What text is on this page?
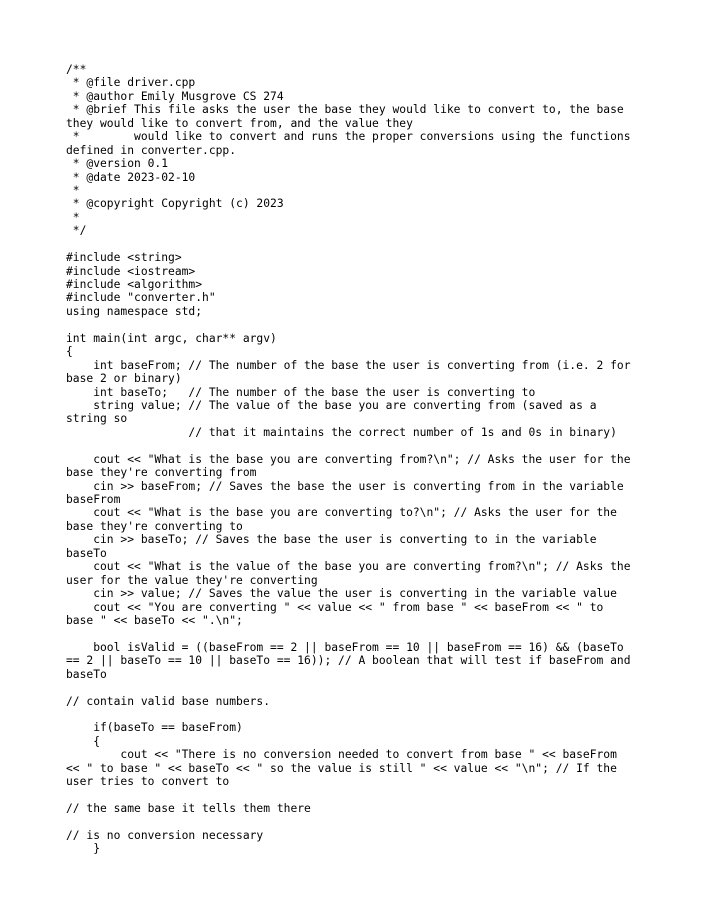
/**
* @file driver.cpp
* @author Emily Musgrove CS 274
* @brief This file asks the user the base they would like to convert to, the base
they would like to convert from, and the value they
*        would like to convert and runs the proper conversions using the functions
defined in converter.cpp.
* @version 0.1
* @date 2023-02-10
*
* @copyright Copyright (c) 2023
*
*/
#include <string>
#include <iostream>
#include <algorithm>
#include "converter.h"
using namespace std;
int main(int argc, char** argv)
{
int baseFrom; // The number of the base the user is converting from (i.e. 2 for
base 2 or binary)
int baseTo;   // The number of the base the user is converting to
string value; // The value of the base you are converting from (saved as a
string so
// that it maintains the correct number of 1s and 0s in binary)
cout << "What is the base you are converting from?\n"; // Asks the user for the
base they're converting from
cin >> baseFrom; // Saves the base the user is converting from in the variable
baseFrom
cout << "What is the base you are converting to?\n"; // Asks the user for the
base they're converting to
cin >> baseTo; // Saves the base the user is converting to in the variable
baseTo
cout << "What is the value of the base you are converting from?\n"; // Asks the
user for the value they're converting
cin >> value; // Saves the value the user is converting in the variable value
cout << "You are converting " << value << " from base " << baseFrom << " to
base " << baseTo << ".\n";
bool isValid = ((baseFrom == 2 || baseFrom == 10 || baseFrom == 16) && (baseTo
== 2 || baseTo == 10 || baseTo == 16)); // A boolean that will test if baseFrom and
baseTo
// contain valid base numbers.
if(baseTo == baseFrom)
{
cout << "There is no conversion needed to convert from base " << baseFrom
<< " to base " << baseTo << " so the value is still " << value << "\n"; // If the
user tries to convert to
// the same base it tells them there
// is no conversion necessary
}
